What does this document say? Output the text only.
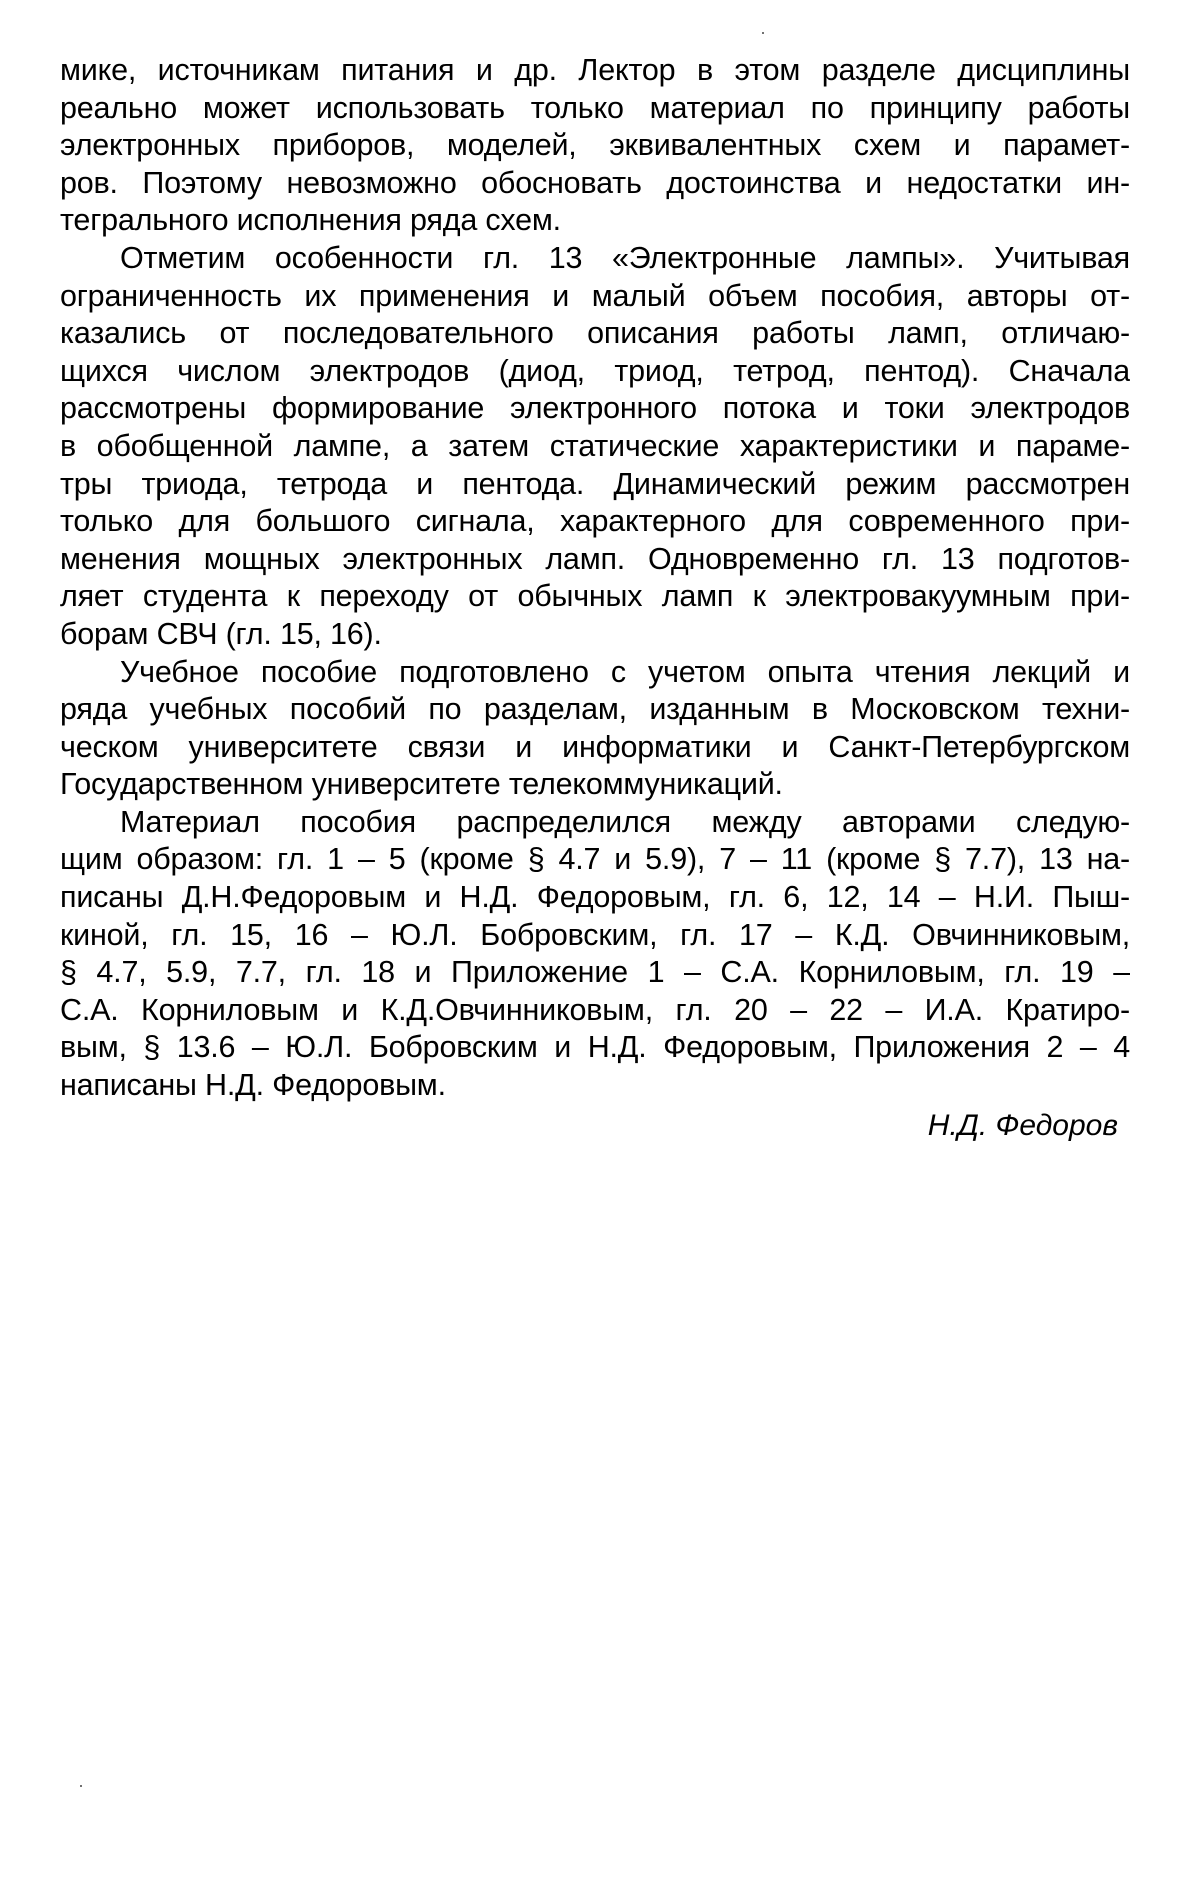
мике, источникам питания и др. Лектор в этом разделе дисциплины
реально может использовать только материал по принципу работы
электронных приборов, моделей, эквивалентных схем и парамет-
ров. Поэтому невозможно обосновать достоинства и недостатки ин-
тегрального исполнения ряда схем.

Отметим особенности гл. 13 «Электронные лампы». Учитывая
ограниченность их применения и малый объем пособия, авторы от-
казались от последовательного описания работы ламп, отличаю-
щихся числом электродов (диод, триод, тетрод, пентод). Сначала
рассмотрены формирование электронного потока и токи электродов
в обобщенной лампе, а затем статические характеристики и параме-
тры триода, тетрода и пентода. Динамический режим рассмотрен
только для большого сигнала, характерного для современного при-
менения мощных электронных ламп. Одновременно гл. 13 подготов-
ляет студента к переходу от обычных ламп к электровакуумным при-
борам СВЧ (гл. 15, 16).

Учебное пособие подготовлено с учетом опыта чтения лекций и
ряда учебных пособий по разделам, изданным в Московском техни-
ческом университете связи и информатики и Санкт-Петербургском
Государственном университете телекоммуникаций.

Материал пособия распределился между авторами следую-
щим образом: гл. 1 – 5 (кроме § 4.7 и 5.9), 7 – 11 (кроме § 7.7), 13 на-
писаны Д.Н.Федоровым и Н.Д. Федоровым, гл. 6, 12, 14 – Н.И. Пыш-
киной, гл. 15, 16 – Ю.Л. Бобровским, гл. 17 – К.Д. Овчинниковым,
§ 4.7, 5.9, 7.7, гл. 18 и Приложение 1 – С.А. Корниловым, гл. 19 –
С.А. Корниловым и К.Д.Овчинниковым, гл. 20 – 22 – И.А. Кратиро-
вым, § 13.6 – Ю.Л. Бобровским и Н.Д. Федоровым, Приложения 2 – 4
написаны Н.Д. Федоровым.

Н.Д. Федоров
